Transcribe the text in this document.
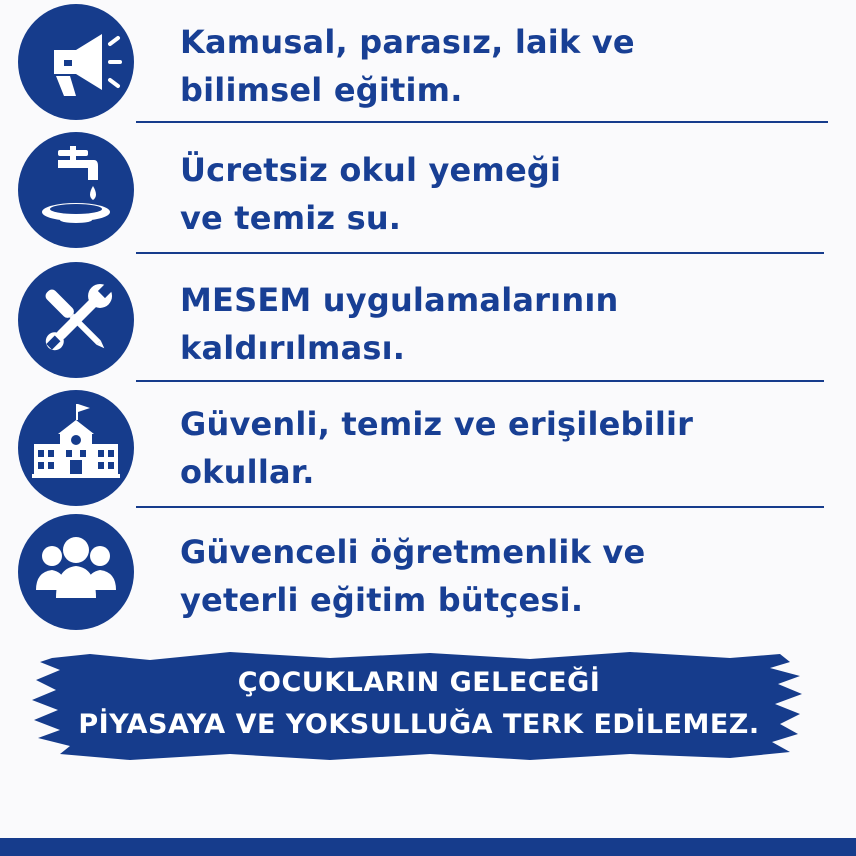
Kamusal, parasız, laik ve
bilimsel eğitim.
Ücretsiz okul yemeği
ve temiz su.
MESEM uygulamalarının
kaldırılması.
Güvenli, temiz ve erişilebilir
okullar.
Güvenceli öğretmenlik ve
yeterli eğitim bütçesi.
ÇOCUKLARIN GELECEĞİ
PİYASAYA VE YOKSULLUĞA TERK EDİLEMEZ.
